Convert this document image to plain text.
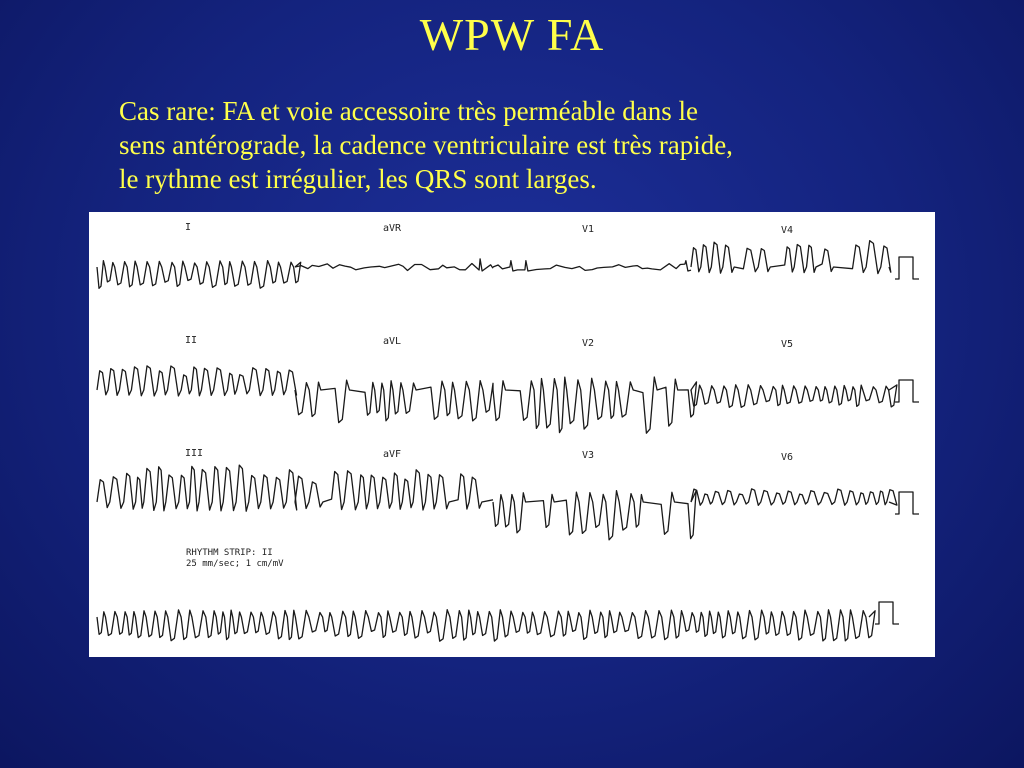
WPW FA
Cas rare: FA et voie accessoire très perméable dans le
sens antérograde, la cadence ventriculaire est très rapide,
le rythme est irrégulier, les QRS sont larges.
I	aVR	V1	V4
II	aVL	V2	V5
III	aVF	V3	V6
RHYTHM STRIP: II
25 mm/sec; 1 cm/mV
